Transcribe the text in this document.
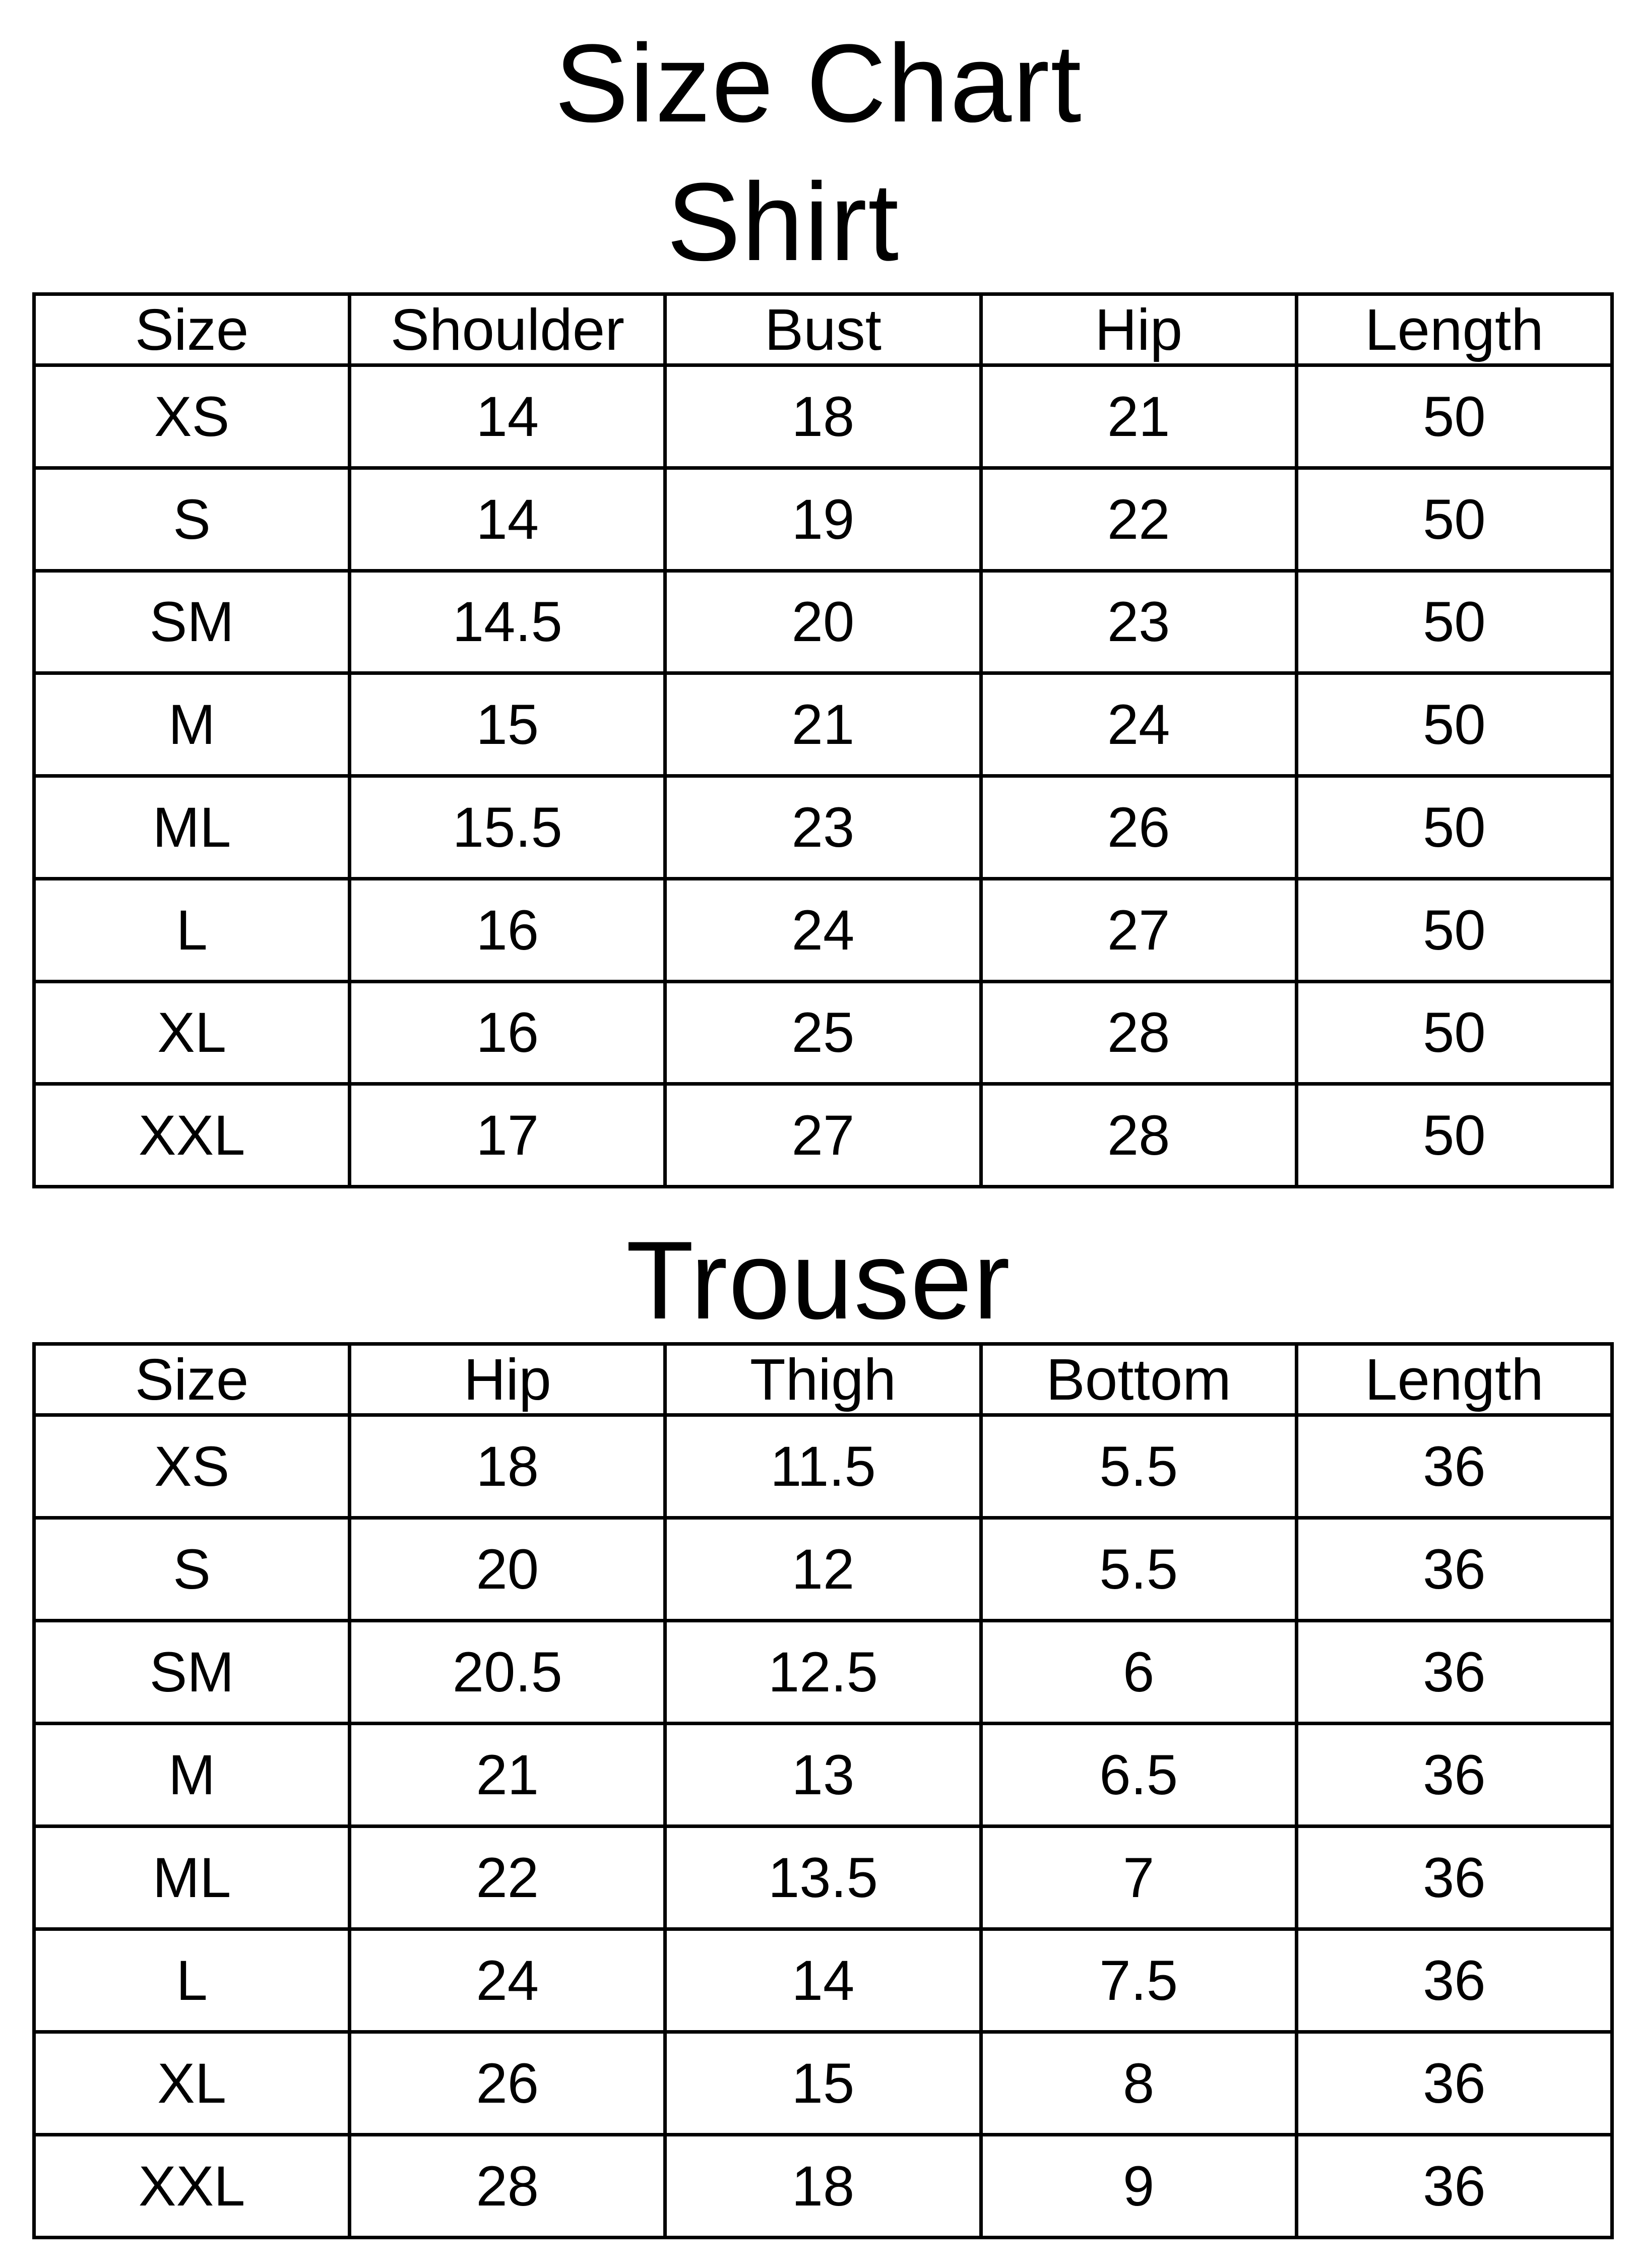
Size Chart
Shirt
Size	Shoulder	Bust	Hip	Length
XS	14	18	21	50
S	14	19	22	50
SM	14.5	20	23	50
M	15	21	24	50
ML	15.5	23	26	50
L	16	24	27	50
XL	16	25	28	50
XXL	17	27	28	50
Trouser
Size	Hip	Thigh	Bottom	Length
XS	18	11.5	5.5	36
S	20	12	5.5	36
SM	20.5	12.5	6	36
M	21	13	6.5	36
ML	22	13.5	7	36
L	24	14	7.5	36
XL	26	15	8	36
XXL	28	18	9	36
